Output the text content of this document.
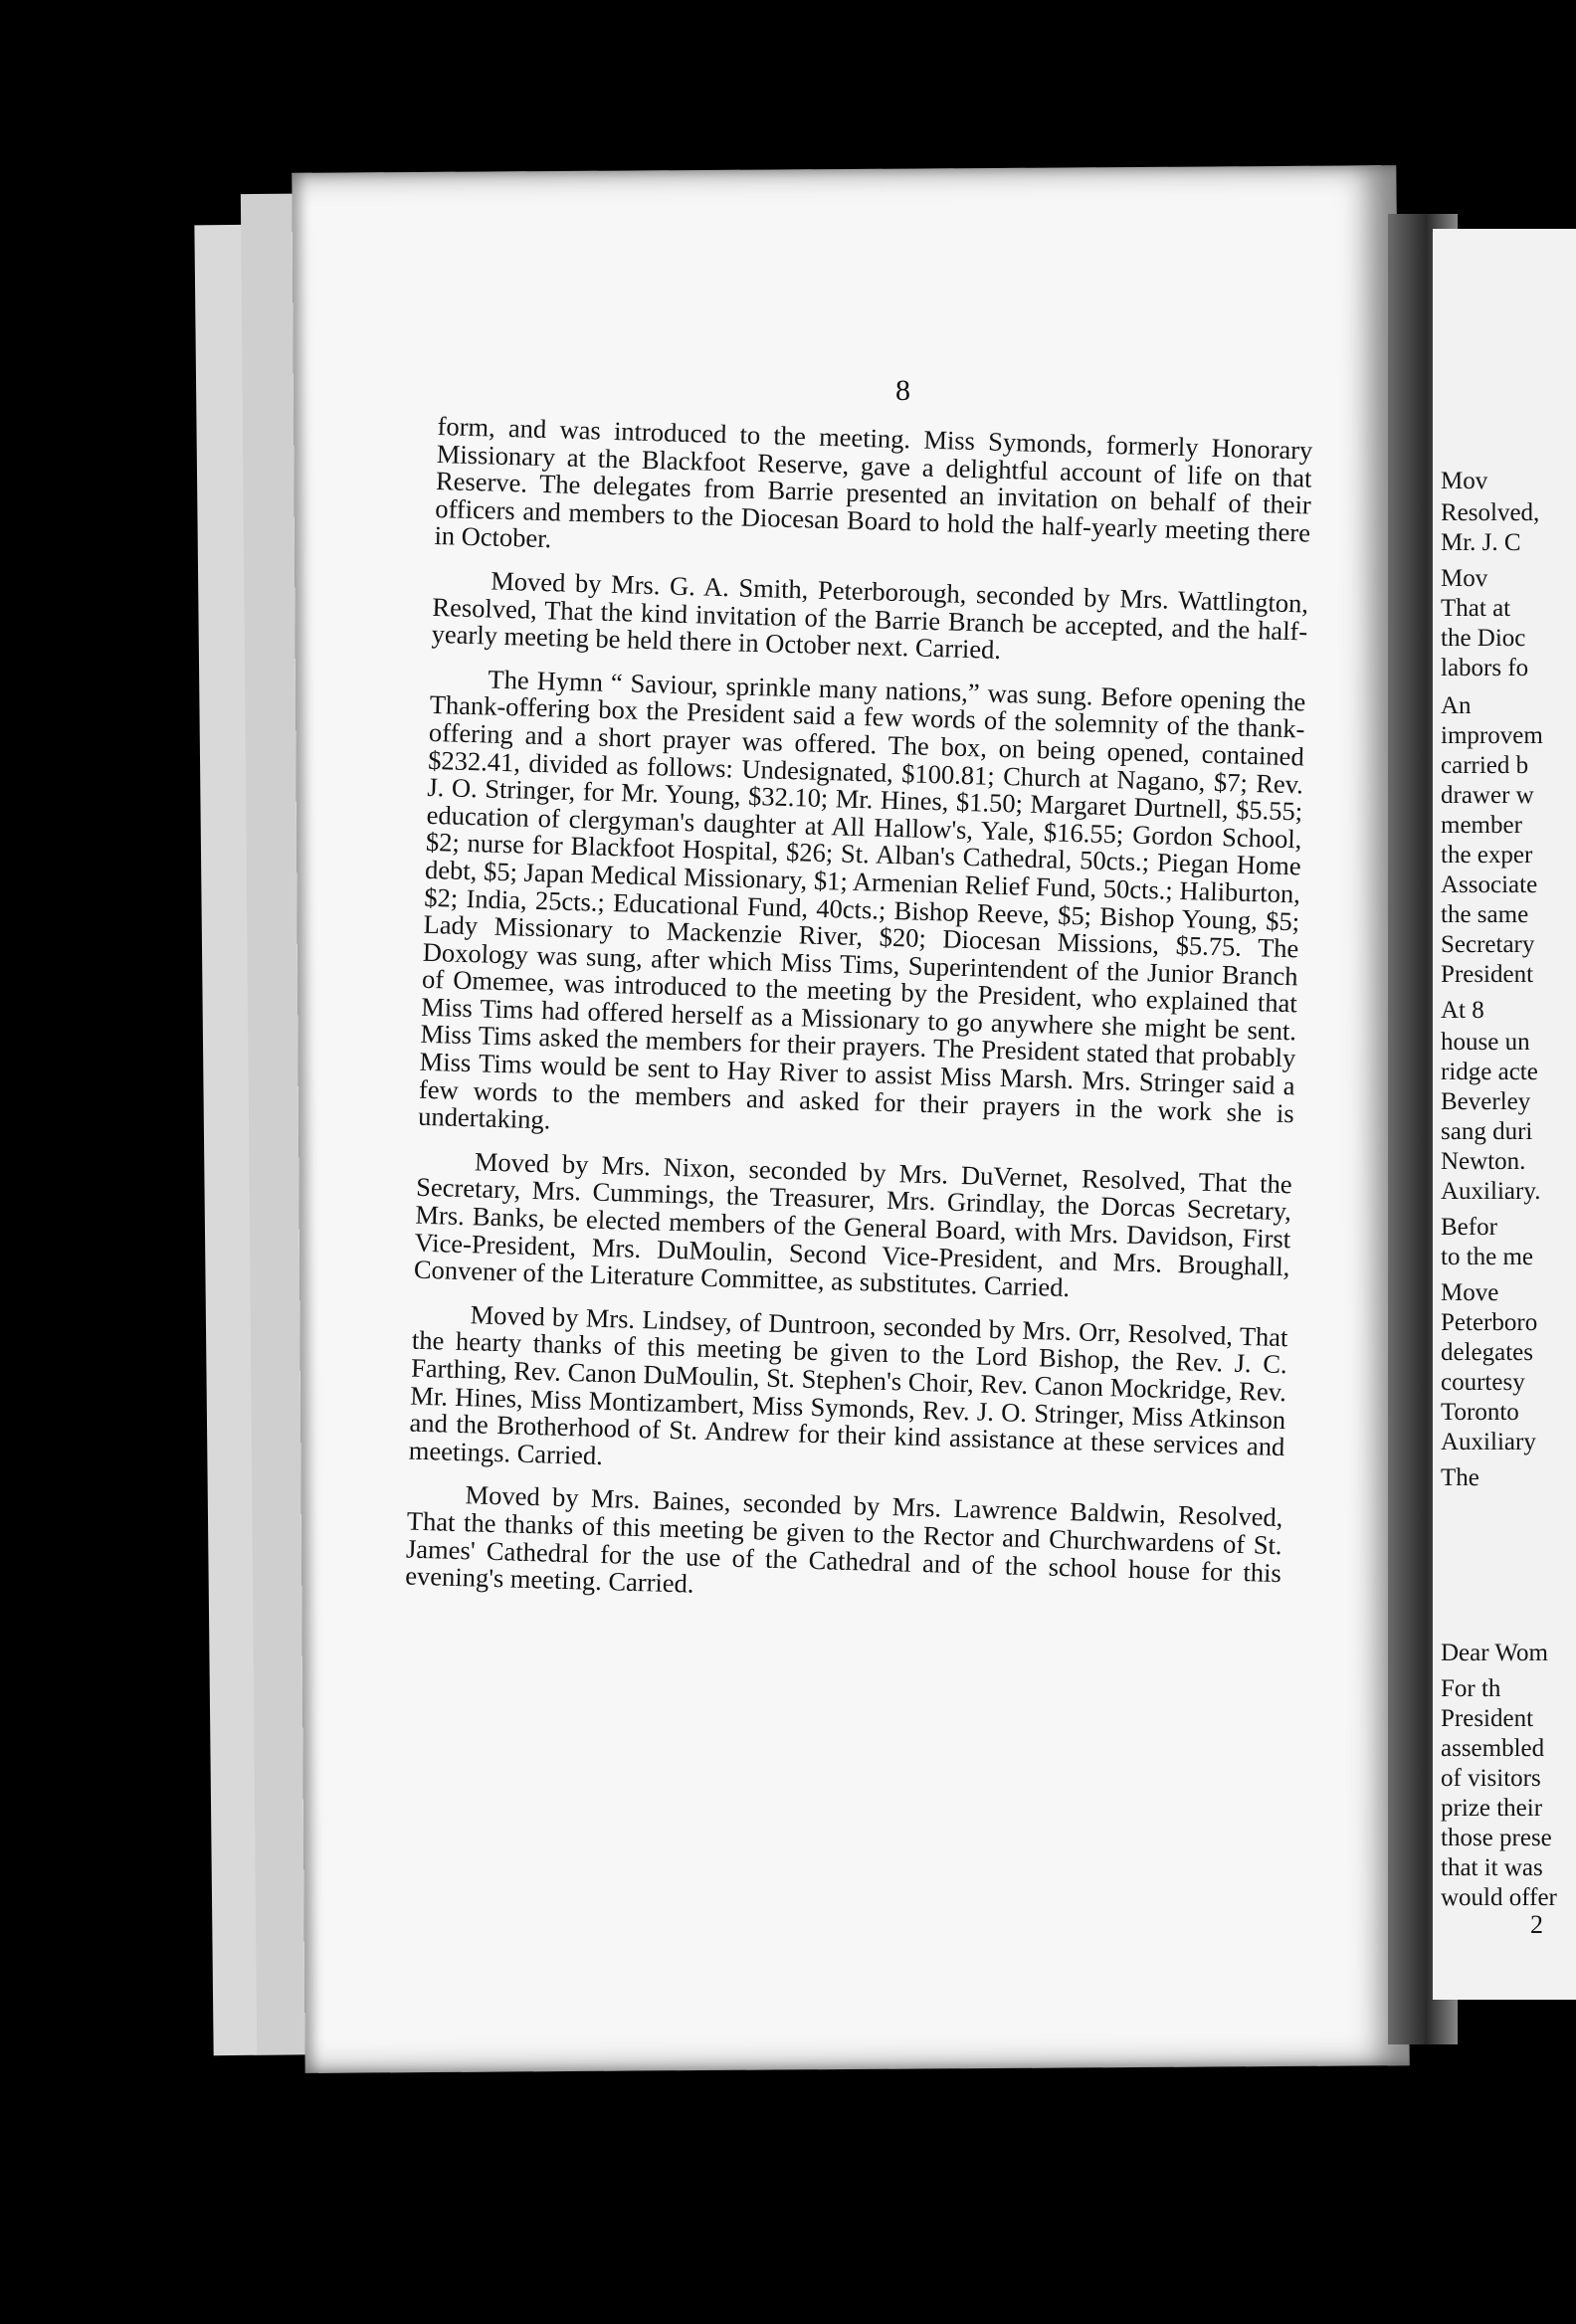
8

form, and was introduced to the meeting. Miss Symonds, formerly Honorary Missionary at the Blackfoot Reserve, gave a delightful account of life on that Reserve. The delegates from Barrie presented an invitation on behalf of their officers and members to the Diocesan Board to hold the half-yearly meeting there in October.

Moved by Mrs. G. A. Smith, Peterborough, seconded by Mrs. Wattlington, Resolved, That the kind invitation of the Barrie Branch be accepted, and the half-yearly meeting be held there in October next. Carried.

The Hymn “ Saviour, sprinkle many nations,” was sung. Before opening the Thank-offering box the President said a few words of the solemnity of the thank-offering and a short prayer was offered. The box, on being opened, contained $232.41, divided as follows: Undesignated, $100.81; Church at Nagano, $7; Rev. J. O. Stringer, for Mr. Young, $32.10; Mr. Hines, $1.50; Margaret Durtnell, $5.55; education of clergyman's daughter at All Hallow's, Yale, $16.55; Gordon School, $2; nurse for Blackfoot Hospital, $26; St. Alban's Cathedral, 50cts.; Piegan Home debt, $5; Japan Medical Missionary, $1; Armenian Relief Fund, 50cts.; Haliburton, $2; India, 25cts.; Educational Fund, 40cts.; Bishop Reeve, $5; Bishop Young, $5; Lady Missionary to Mackenzie River, $20; Diocesan Missions, $5.75. The Doxology was sung, after which Miss Tims, Superintendent of the Junior Branch of Omemee, was introduced to the meeting by the President, who explained that Miss Tims had offered herself as a Missionary to go anywhere she might be sent. Miss Tims asked the members for their prayers. The President stated that probably Miss Tims would be sent to Hay River to assist Miss Marsh. Mrs. Stringer said a few words to the members and asked for their prayers in the work she is undertaking.

Moved by Mrs. Nixon, seconded by Mrs. DuVernet, Resolved, That the Secretary, Mrs. Cummings, the Treasurer, Mrs. Grindlay, the Dorcas Secretary, Mrs. Banks, be elected members of the General Board, with Mrs. Davidson, First Vice-President, Mrs. DuMoulin, Second Vice-President, and Mrs. Broughall, Convener of the Literature Committee, as substitutes. Carried.

Moved by Mrs. Lindsey, of Duntroon, seconded by Mrs. Orr, Resolved, That the hearty thanks of this meeting be given to the Lord Bishop, the Rev. J. C. Farthing, Rev. Canon DuMoulin, St. Stephen's Choir, Rev. Canon Mockridge, Rev. Mr. Hines, Miss Montizambert, Miss Symonds, Rev. J. O. Stringer, Miss Atkinson and the Brotherhood of St. Andrew for their kind assistance at these services and meetings. Carried.

Moved by Mrs. Baines, seconded by Mrs. Lawrence Baldwin, Resolved, That the thanks of this meeting be given to the Rector and Churchwardens of St. James' Cathedral for the use of the Cathedral and of the school house for this evening's meeting. Carried.

Mov
Resolved,
Mr. J. C
Mov
That at
the Dioc
labors fo
An
improvem
carried b
drawer w
member
the exper
Associate
the same
Secretary
President
At 8
house un
ridge acte
Beverley
sang duri
Newton.
Auxiliary.
Befor
to the me
Move
Peterboro
delegates
courtesy
Toronto
Auxiliary
The
Dear Wom
For th
President
assembled
of visitors
prize their
those prese
that it was
would offer
2
